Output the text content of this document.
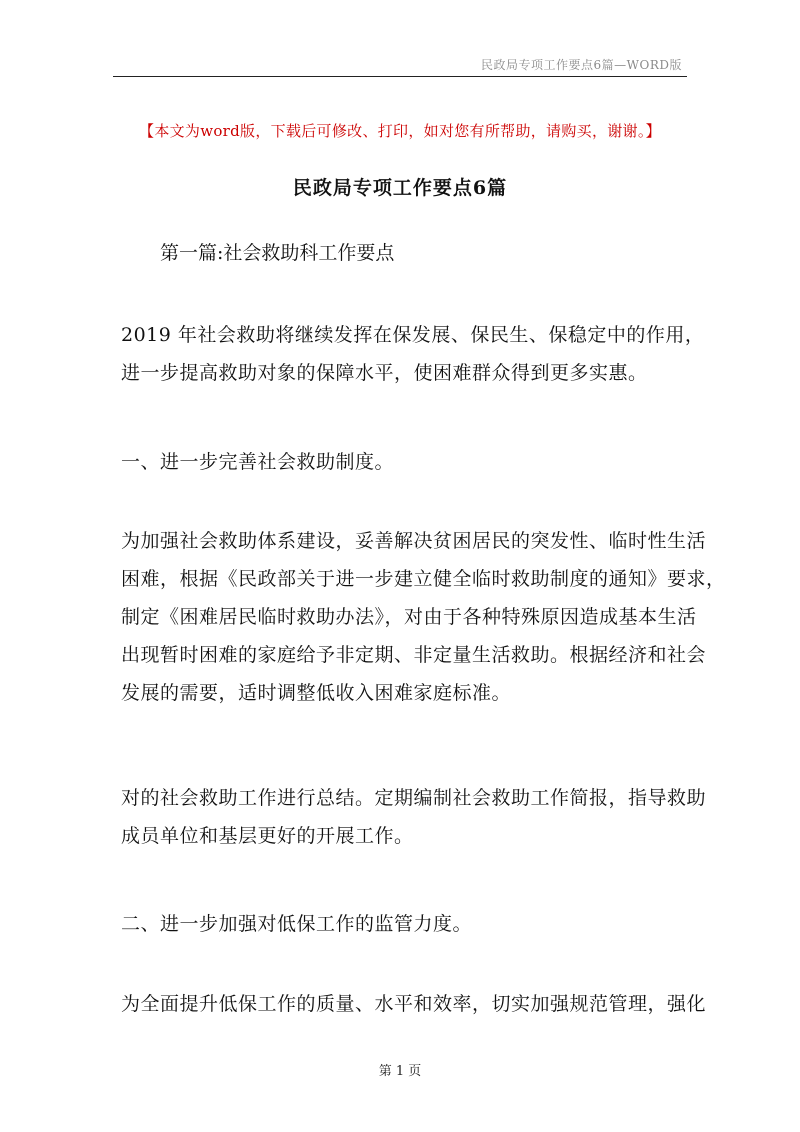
民政局专项工作要点6篇—WORD版
【本文为word版，下载后可修改、打印，如对您有所帮助，请购买，谢谢。】
民政局专项工作要点6篇
第一篇:社会救助科工作要点
2019 年社会救助将继续发挥在保发展、保民生、保稳定中的作用，
进一步提高救助对象的保障水平，使困难群众得到更多实惠。
一、进一步完善社会救助制度。
为加强社会救助体系建设，妥善解决贫困居民的突发性、临时性生活
困难，根据《民政部关于进一步建立健全临时救助制度的通知》要求，
制定《困难居民临时救助办法》，对由于各种特殊原因造成基本生活
出现暂时困难的家庭给予非定期、非定量生活救助。根据经济和社会
发展的需要，适时调整低收入困难家庭标准。
对的社会救助工作进行总结。定期编制社会救助工作简报，指导救助
成员单位和基层更好的开展工作。
二、进一步加强对低保工作的监管力度。
为全面提升低保工作的质量、水平和效率，切实加强规范管理，强化
第 1 页
